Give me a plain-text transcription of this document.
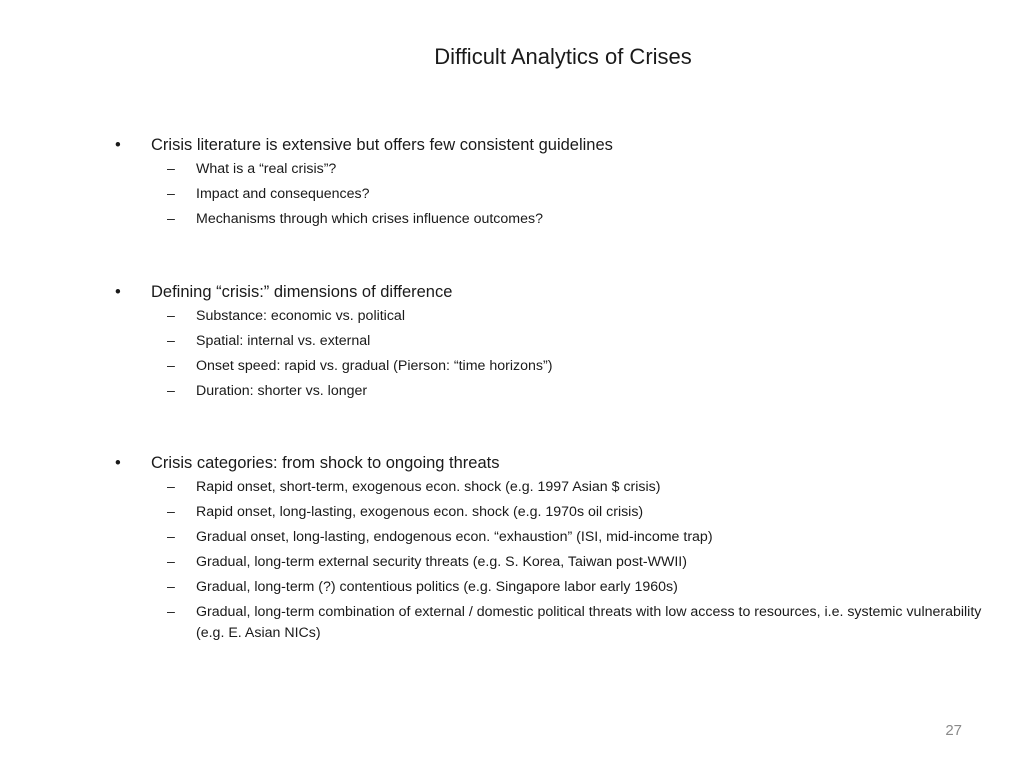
Difficult Analytics of Crises
• Crisis literature is extensive but offers few consistent guidelines
– What is a “real crisis”?
– Impact and consequences?
– Mechanisms through which crises influence outcomes?
• Defining “crisis:” dimensions of difference
– Substance: economic vs. political
– Spatial: internal vs. external
– Onset speed: rapid vs. gradual (Pierson: “time horizons”)
– Duration: shorter vs. longer
• Crisis categories: from shock to ongoing threats
– Rapid onset, short-term, exogenous econ. shock (e.g. 1997 Asian $ crisis)
– Rapid onset, long-lasting, exogenous econ. shock (e.g. 1970s oil crisis)
– Gradual onset, long-lasting, endogenous econ. “exhaustion” (ISI, mid-income trap)
– Gradual, long-term external security threats (e.g. S. Korea, Taiwan post-WWII)
– Gradual, long-term (?) contentious politics (e.g. Singapore labor early 1960s)
– Gradual, long-term combination of external / domestic political threats with low access to resources, i.e. systemic vulnerability (e.g. E. Asian NICs)
27
